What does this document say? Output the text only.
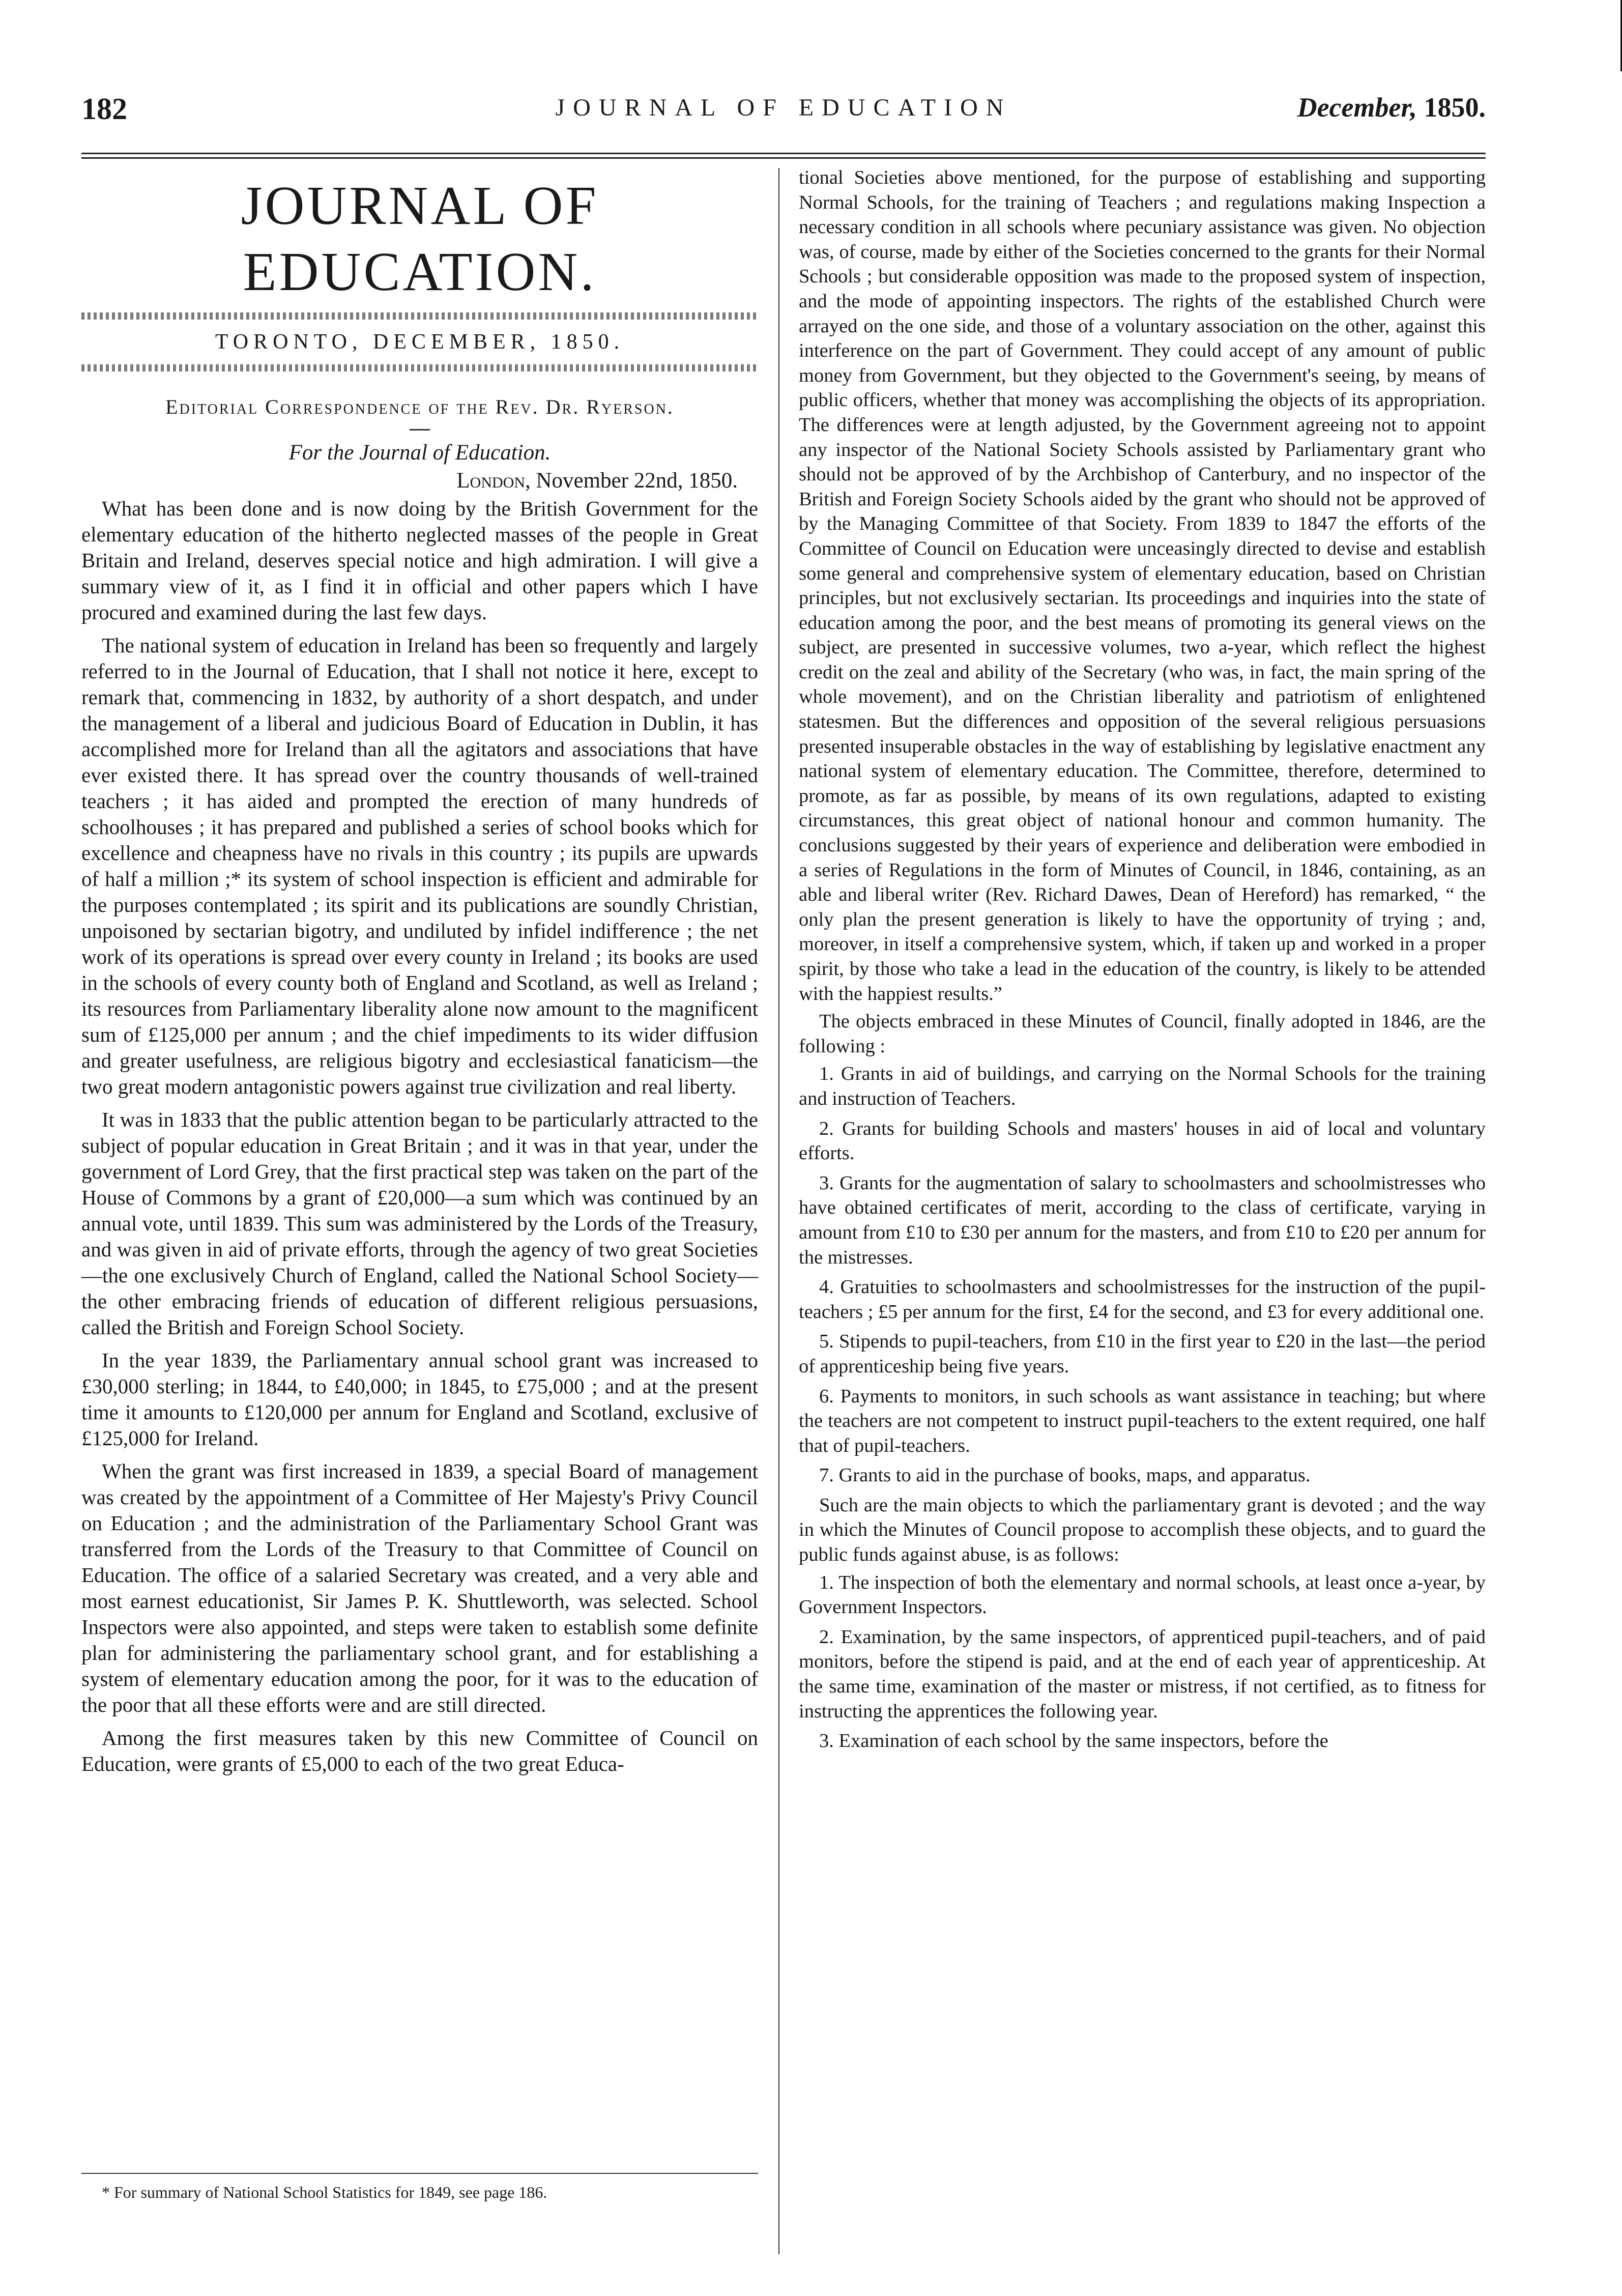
182	JOURNAL OF EDUCATION	December, 1850.
JOURNAL OF EDUCATION.
TORONTO, DECEMBER, 1850.
Editorial Correspondence of the Rev. Dr. Ryerson.
For the Journal of Education.
London, November 22nd, 1850.

What has been done and is now doing by the British Government for the elementary education of the hitherto neglected masses of the people in Great Britain and Ireland, deserves special notice and high admiration. I will give a summary view of it, as I find it in official and other papers which I have procured and examined during the last few days.

The national system of education in Ireland has been so frequently and largely referred to in the Journal of Education, that I shall not notice it here, except to remark that, commencing in 1832, by authority of a short despatch, and under the management of a liberal and judicious Board of Education in Dublin, it has accomplished more for Ireland than all the agitators and associations that have ever existed there. It has spread over the country thousands of well-trained teachers ; it has aided and prompted the erection of many hundreds of schoolhouses ; it has prepared and published a series of school books which for excellence and cheapness have no rivals in this country ; its pupils are upwards of half a million ;* its system of school inspection is efficient and admirable for the purposes contemplated ; its spirit and its publications are soundly Christian, unpoisoned by sectarian bigotry, and undiluted by infidel indifference ; the net work of its operations is spread over every county in Ireland ; its books are used in the schools of every county both of England and Scotland, as well as Ireland ; its resources from Parliamentary liberality alone now amount to the magnificent sum of £125,000 per annum ; and the chief impediments to its wider diffusion and greater usefulness, are religious bigotry and ecclesiastical fanaticism—the two great modern antagonistic powers against true civilization and real liberty.

It was in 1833 that the public attention began to be particularly attracted to the subject of popular education in Great Britain ; and it was in that year, under the government of Lord Grey, that the first practical step was taken on the part of the House of Commons by a grant of £20,000—a sum which was continued by an annual vote, until 1839. This sum was administered by the Lords of the Treasury, and was given in aid of private efforts, through the agency of two great Societies—the one exclusively Church of England, called the National School Society—the other embracing friends of education of different religious persuasions, called the British and Foreign School Society.

In the year 1839, the Parliamentary annual school grant was increased to £30,000 sterling; in 1844, to £40,000; in 1845, to £75,000 ; and at the present time it amounts to £120,000 per annum for England and Scotland, exclusive of £125,000 for Ireland.

When the grant was first increased in 1839, a special Board of management was created by the appointment of a Committee of Her Majesty's Privy Council on Education ; and the administration of the Parliamentary School Grant was transferred from the Lords of the Treasury to that Committee of Council on Education. The office of a salaried Secretary was created, and a very able and most earnest educationist, Sir James P. K. Shuttleworth, was selected. School Inspectors were also appointed, and steps were taken to establish some definite plan for administering the parliamentary school grant, and for establishing a system of elementary education among the poor, for it was to the education of the poor that all these efforts were and are still directed.

Among the first measures taken by this new Committee of Council on Education, were grants of £5,000 to each of the two great Educa-

* For summary of National School Statistics for 1849, see page 186.

tional Societies above mentioned, for the purpose of establishing and supporting Normal Schools, for the training of Teachers ; and regulations making Inspection a necessary condition in all schools where pecuniary assistance was given. No objection was, of course, made by either of the Societies concerned to the grants for their Normal Schools ; but considerable opposition was made to the proposed system of inspection, and the mode of appointing inspectors. The rights of the established Church were arrayed on the one side, and those of a voluntary association on the other, against this interference on the part of Government. They could accept of any amount of public money from Government, but they objected to the Government's seeing, by means of public officers, whether that money was accomplishing the objects of its appropriation. The differences were at length adjusted, by the Government agreeing not to appoint any inspector of the National Society Schools assisted by Parliamentary grant who should not be approved of by the Archbishop of Canterbury, and no inspector of the British and Foreign Society Schools aided by the grant who should not be approved of by the Managing Committee of that Society. From 1839 to 1847 the efforts of the Committee of Council on Education were unceasingly directed to devise and establish some general and comprehensive system of elementary education, based on Christian principles, but not exclusively sectarian. Its proceedings and inquiries into the state of education among the poor, and the best means of promoting its general views on the subject, are presented in successive volumes, two a-year, which reflect the highest credit on the zeal and ability of the Secretary (who was, in fact, the main spring of the whole movement), and on the Christian liberality and patriotism of enlightened statesmen. But the differences and opposition of the several religious persuasions presented insuperable obstacles in the way of establishing by legislative enactment any national system of elementary education. The Committee, therefore, determined to promote, as far as possible, by means of its own regulations, adapted to existing circumstances, this great object of national honour and common humanity. The conclusions suggested by their years of experience and deliberation were embodied in a series of Regulations in the form of Minutes of Council, in 1846, containing, as an able and liberal writer (Rev. Richard Dawes, Dean of Hereford) has remarked, “ the only plan the present generation is likely to have the opportunity of trying ; and, moreover, in itself a comprehensive system, which, if taken up and worked in a proper spirit, by those who take a lead in the education of the country, is likely to be attended with the happiest results.”

The objects embraced in these Minutes of Council, finally adopted in 1846, are the following :

1. Grants in aid of buildings, and carrying on the Normal Schools for the training and instruction of Teachers.
2. Grants for building Schools and masters' houses in aid of local and voluntary efforts.
3. Grants for the augmentation of salary to schoolmasters and schoolmistresses who have obtained certificates of merit, according to the class of certificate, varying in amount from £10 to £30 per annum for the masters, and from £10 to £20 per annum for the mistresses.
4. Gratuities to schoolmasters and schoolmistresses for the instruction of the pupil-teachers ; £5 per annum for the first, £4 for the second, and £3 for every additional one.
5. Stipends to pupil-teachers, from £10 in the first year to £20 in the last—the period of apprenticeship being five years.
6. Payments to monitors, in such schools as want assistance in teaching; but where the teachers are not competent to instruct pupil-teachers to the extent required, one half that of pupil-teachers.
7. Grants to aid in the purchase of books, maps, and apparatus.

Such are the main objects to which the parliamentary grant is devoted ; and the way in which the Minutes of Council propose to accomplish these objects, and to guard the public funds against abuse, is as follows:

1. The inspection of both the elementary and normal schools, at least once a-year, by Government Inspectors.
2. Examination, by the same inspectors, of apprenticed pupil-teachers, and of paid monitors, before the stipend is paid, and at the end of each year of apprenticeship. At the same time, examination of the master or mistress, if not certified, as to fitness for instructing the apprentices the following year.
3. Examination of each school by the same inspectors, before the
